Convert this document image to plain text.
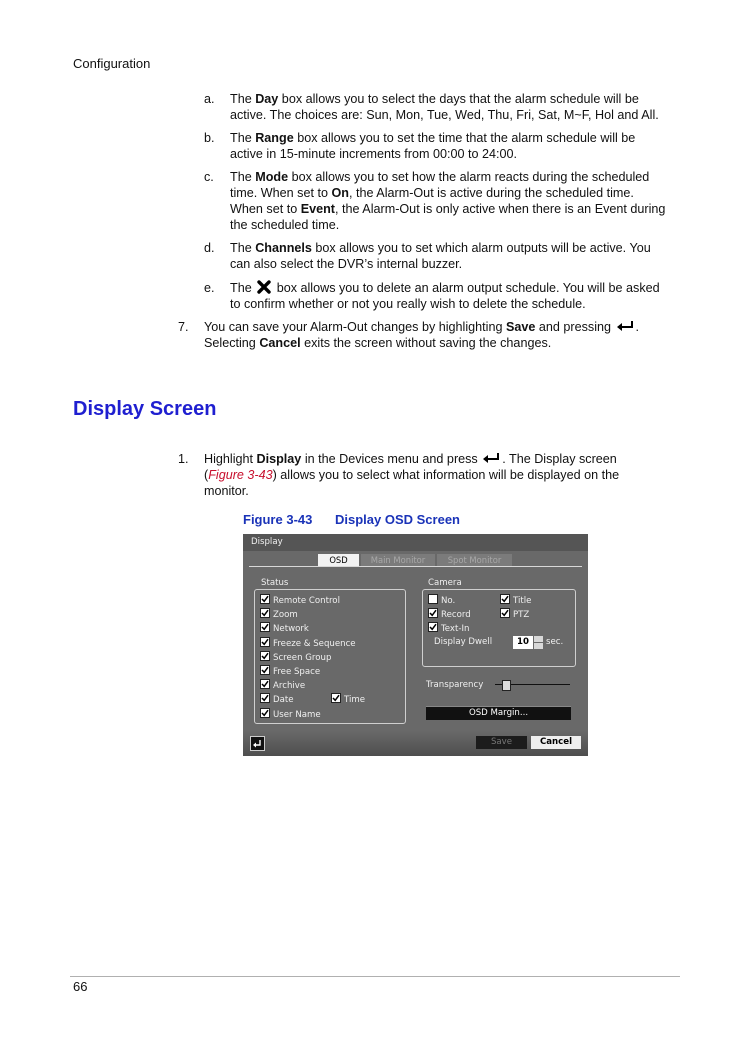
Configuration
a. The Day box allows you to select the days that the alarm schedule will be
active. The choices are: Sun, Mon, Tue, Wed, Thu, Fri, Sat, M~F, Hol and All.
b. The Range box allows you to set the time that the alarm schedule will be
active in 15-minute increments from 00:00 to 24:00.
c. The Mode box allows you to set how the alarm reacts during the scheduled
time. When set to On, the Alarm-Out is active during the scheduled time.
When set to Event, the Alarm-Out is only active when there is an Event during
the scheduled time.
d. The Channels box allows you to set which alarm outputs will be active. You
can also select the DVR’s internal buzzer.
e. The  box allows you to delete an alarm output schedule. You will be asked
to confirm whether or not you really wish to delete the schedule.
7. You can save your Alarm-Out changes by highlighting Save and pressing .
Selecting Cancel exits the screen without saving the changes.
Display Screen
1. Highlight Display in the Devices menu and press . The Display screen
(Figure 3-43) allows you to select what information will be displayed on the
monitor.
Figure 3-43 Display OSD Screen
Display
OSD	Main Monitor	Spot Monitor
Status
Remote Control
Zoom
Network
Freeze & Sequence
Screen Group
Free Space
Archive
Date
User Name
Time
Camera
No.	Title
Record	PTZ
Text-In
Display Dwell	10	sec.
Transparency
OSD Margin...
Save	Cancel
66
